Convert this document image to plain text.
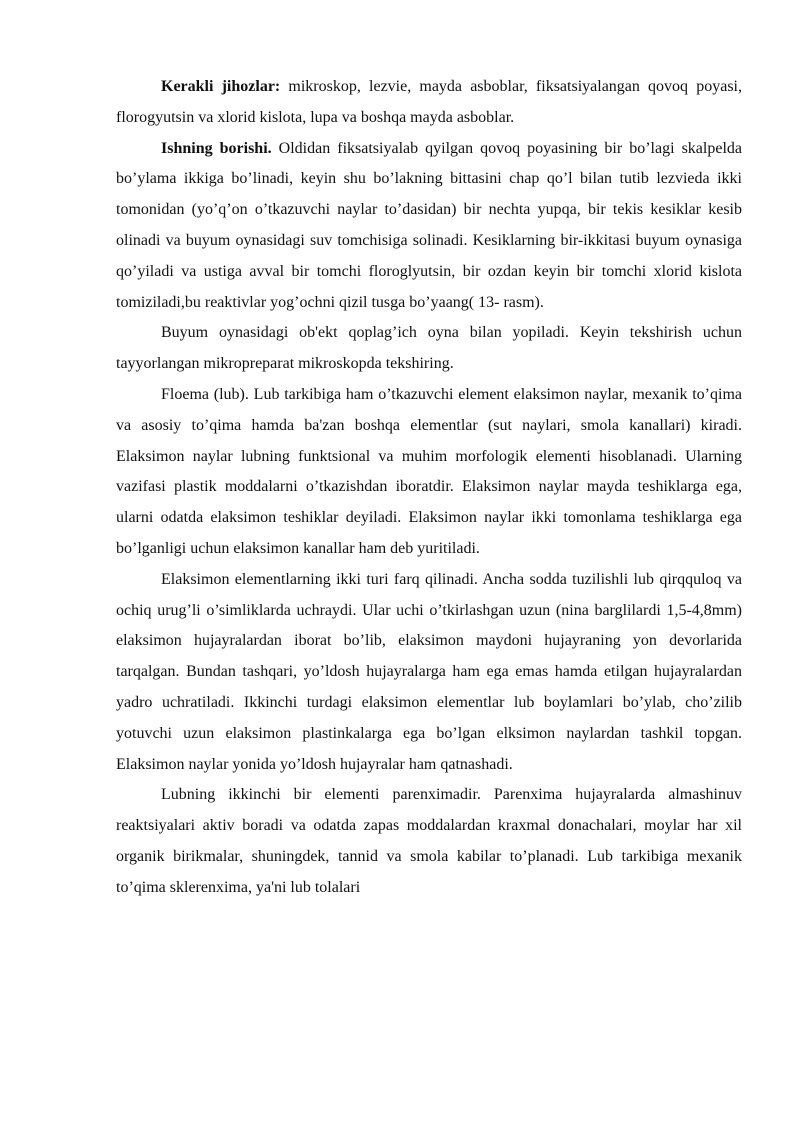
Kerakli jihozlar: mikroskop, lezvie, mayda asboblar, fiksatsiyalangan qovoq poyasi, florogyutsin va xlorid kislota, lupa va boshqa mayda asboblar.

Ishning borishi. Oldidan fiksatsiyalab qyilgan qovoq poyasining bir bo’lagi skalpelda bo’ylama ikkiga bo’linadi, keyin shu bo’lakning bittasini chap qo’l bilan tutib lezvieda ikki tomonidan (yo’q’on o’tkazuvchi naylar to’dasidan) bir nechta yupqa, bir tekis kesiklar kesib olinadi va buyum oynasidagi suv tomchisiga solinadi. Kesiklarning bir-ikkitasi buyum oynasiga qo’yiladi va ustiga avval bir tomchi floroglyutsin, bir ozdan keyin bir tomchi xlorid kislota tomiziladi,bu reaktivlar yog’ochni qizil tusga bo’yaang( 13- rasm).

Buyum oynasidagi ob'ekt qoplag’ich oyna bilan yopiladi. Keyin tekshirish uchun tayyorlangan mikropreparat mikroskopda tekshiring.

Floema (lub). Lub tarkibiga ham o’tkazuvchi element elaksimon naylar, mexanik to’qima va asosiy to’qima hamda ba'zan boshqa elementlar (sut naylari, smola kanallari) kiradi. Elaksimon naylar lubning funktsional va muhim morfologik elementi hisoblanadi. Ularning vazifasi plastik moddalarni o’tkazishdan iboratdir. Elaksimon naylar mayda teshiklarga ega, ularni odatda elaksimon teshiklar deyiladi. Elaksimon naylar ikki tomonlama teshiklarga ega bo’lganligi uchun elaksimon kanallar ham deb yuritiladi.

Elaksimon elementlarning ikki turi farq qilinadi. Ancha sodda tuzilishli lub qirqquloq va ochiq urug’li o’simliklarda uchraydi. Ular uchi o’tkirlashgan uzun (nina barglilardi 1,5-4,8mm) elaksimon hujayralardan iborat bo’lib, elaksimon maydoni hujayraning yon devorlarida tarqalgan. Bundan tashqari, yo’ldosh hujayralarga ham ega emas hamda etilgan hujayralardan yadro uchratiladi. Ikkinchi turdagi elaksimon elementlar lub boylamlari bo’ylab, cho’zilib yotuvchi uzun elaksimon plastinkalarga ega bo’lgan elksimon naylardan tashkil topgan. Elaksimon naylar yonida yo’ldosh hujayralar ham qatnashadi.

Lubning ikkinchi bir elementi parenximadir. Parenxima hujayralarda almashinuv reaktsiyalari aktiv boradi va odatda zapas moddalardan kraxmal donachalari, moylar har xil organik birikmalar, shuningdek, tannid va smola kabilar to’planadi. Lub tarkibiga mexanik to’qima sklerenxima, ya'ni lub tolalari
